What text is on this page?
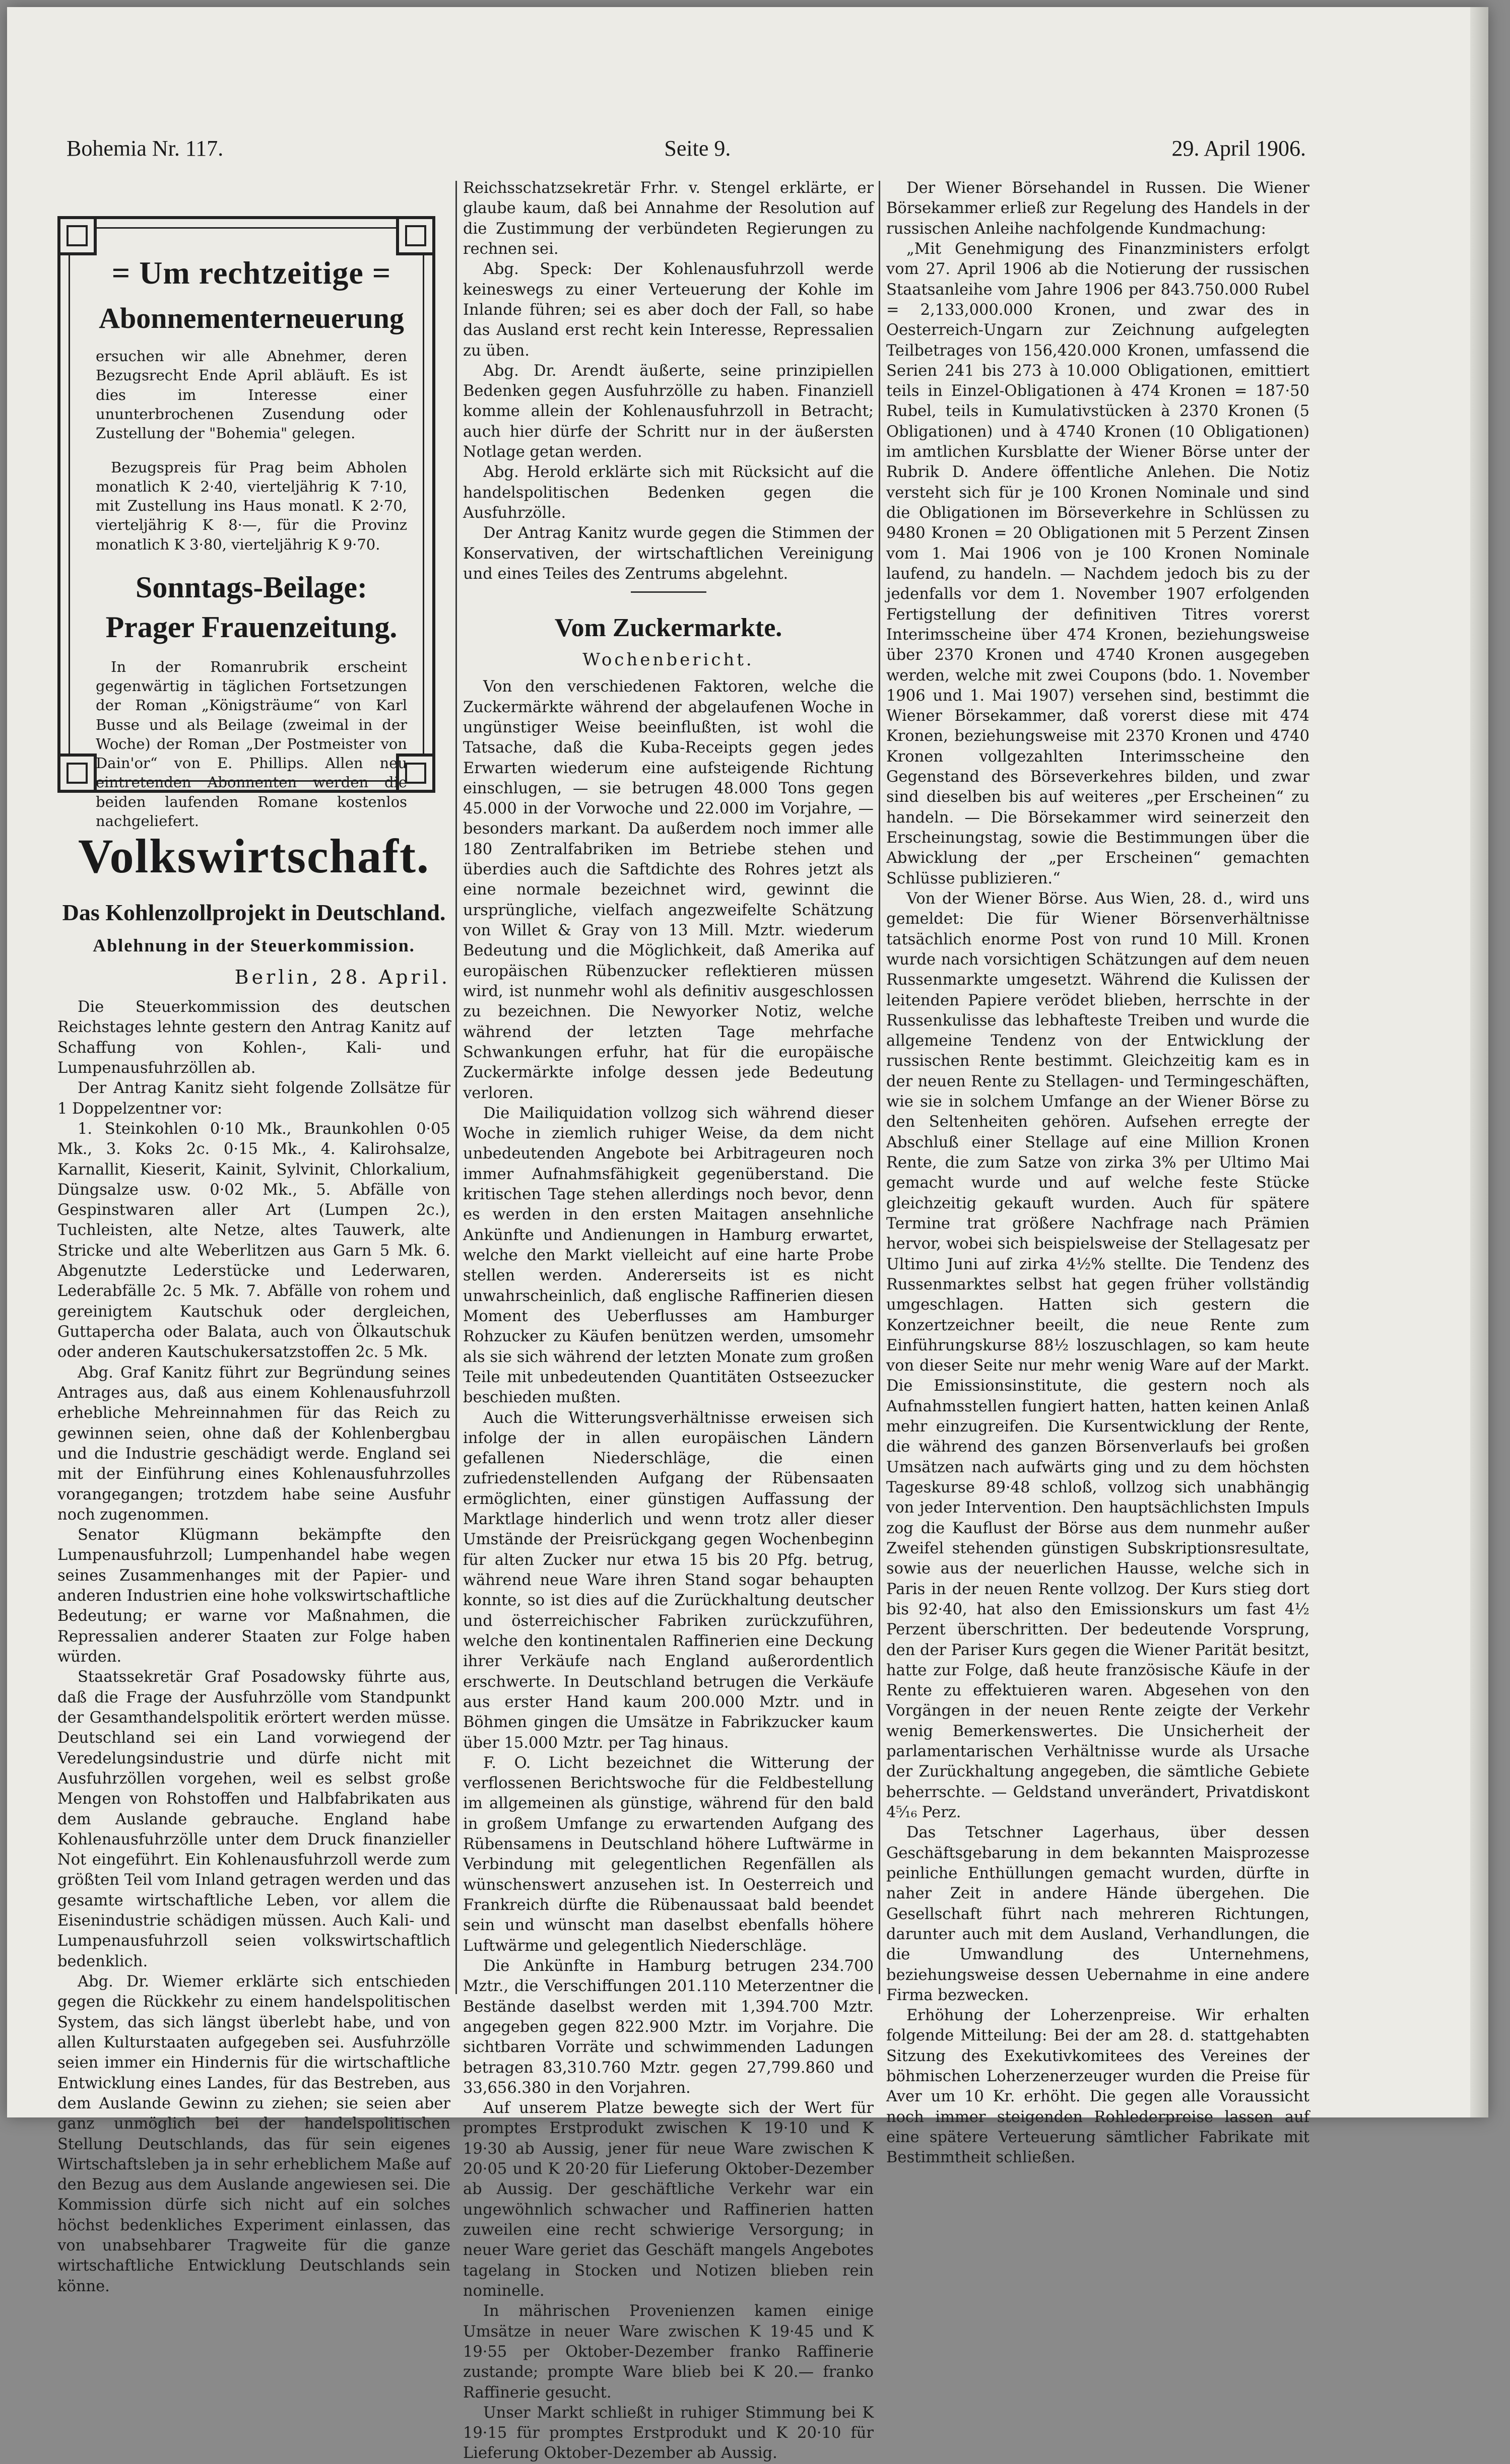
Bohemia Nr. 117.	Seite 9.	29. April 1906.
= Um rechtzeitige =
Abonnementerneuerung

ersuchen wir alle Abnehmer, deren Bezugsrecht Ende April abläuft. Es ist dies im Interesse einer ununterbrochenen Zusendung oder Zustellung der "Bohemia" gelegen.

Bezugspreis für Prag beim Abholen monatlich K 2·40, vierteljährig K 7·10, mit Zustellung ins Haus monatl. K 2·70, vierteljährig K 8·—, für die Provinz monatlich K 3·80, vierteljährig K 9·70.

Sonntags-Beilage:
Prager Frauenzeitung.

In der Romanrubrik erscheint gegenwärtig in täglichen Fortsetzungen der Roman „Königsträume“ von Karl Busse und als Beilage (zweimal in der Woche) der Roman „Der Postmeister von Dain'or“ von E. Phillips. Allen neu eintretenden Abonnenten werden die beiden laufenden Romane kostenlos nachgeliefert.

Volkswirtschaft.
Das Kohlenzollprojekt in Deutschland.
Ablehnung in der Steuerkommission.
Berlin, 28. April.

Die Steuerkommission des deutschen Reichstages lehnte gestern den Antrag Kanitz auf Schaffung von Kohlen-, Kali- und Lumpenausfuhrzöllen ab.

Der Antrag Kanitz sieht folgende Zollsätze für 1 Doppelzentner vor:

1. Steinkohlen 0·10 Mk., Braunkohlen 0·05 Mk., 3. Koks 2c. 0·15 Mk., 4. Kalirohsalze, Karnallit, Kieserit, Kainit, Sylvinit, Chlorkalium, Düngsalze usw. 0·02 Mk., 5. Abfälle von Gespinstwaren aller Art (Lumpen 2c.), Tuchleisten, alte Netze, altes Tauwerk, alte Stricke und alte Weberlitzen aus Garn 5 Mk. 6. Abgenutzte Lederstücke und Lederwaren, Lederabfälle 2c. 5 Mk. 7. Abfälle von rohem und gereinigtem Kautschuk oder dergleichen, Guttapercha oder Balata, auch von Ölkautschuk oder anderen Kautschukersatzstoffen 2c. 5 Mk.

Abg. Graf Kanitz führt zur Begründung seines Antrages aus, daß aus einem Kohlenausfuhrzoll erhebliche Mehreinnahmen für das Reich zu gewinnen seien, ohne daß der Kohlenbergbau und die Industrie geschädigt werde. England sei mit der Einführung eines Kohlenausfuhrzolles vorangegangen; trotzdem habe seine Ausfuhr noch zugenommen.

Senator Klügmann bekämpfte den Lumpenausfuhrzoll; Lumpenhandel habe wegen seines Zusammenhanges mit der Papier- und anderen Industrien eine hohe volkswirtschaftliche Bedeutung; er warne vor Maßnahmen, die Repressalien anderer Staaten zur Folge haben würden.

Staatssekretär Graf Posadowsky führte aus, daß die Frage der Ausfuhrzölle vom Standpunkt der Gesamthandelspolitik erörtert werden müsse. Deutschland sei ein Land vorwiegend der Veredelungsindustrie und dürfe nicht mit Ausfuhrzöllen vorgehen, weil es selbst große Mengen von Rohstoffen und Halbfabrikaten aus dem Auslande gebrauche. England habe Kohlenausfuhrzölle unter dem Druck finanzieller Not eingeführt. Ein Kohlenausfuhrzoll werde zum größten Teil vom Inland getragen werden und das gesamte wirtschaftliche Leben, vor allem die Eisenindustrie schädigen müssen. Auch Kali- und Lumpenausfuhrzoll seien volkswirtschaftlich bedenklich.

Abg. Dr. Wiemer erklärte sich entschieden gegen die Rückkehr zu einem handelspolitischen System, das sich längst überlebt habe, und von allen Kulturstaaten aufgegeben sei. Ausfuhrzölle seien immer ein Hindernis für die wirtschaftliche Entwicklung eines Landes, für das Bestreben, aus dem Auslande Gewinn zu ziehen; sie seien aber ganz unmöglich bei der handelspolitischen Stellung Deutschlands, das für sein eigenes Wirtschaftsleben ja in sehr erheblichem Maße auf den Bezug aus dem Auslande angewiesen sei. Die Kommission dürfe sich nicht auf ein solches höchst bedenkliches Experiment einlassen, das von unabsehbarer Tragweite für die ganze wirtschaftliche Entwicklung Deutschlands sein könne.

Reichsschatzsekretär Frhr. v. Stengel erklärte, er glaube kaum, daß bei Annahme der Resolution auf die Zustimmung der verbündeten Regierungen zu rechnen sei.

Abg. Speck: Der Kohlenausfuhrzoll werde keineswegs zu einer Verteuerung der Kohle im Inlande führen; sei es aber doch der Fall, so habe das Ausland erst recht kein Interesse, Repressalien zu üben.

Abg. Dr. Arendt äußerte, seine prinzipiellen Bedenken gegen Ausfuhrzölle zu haben. Finanziell komme allein der Kohlenausfuhrzoll in Betracht; auch hier dürfe der Schritt nur in der äußersten Notlage getan werden.

Abg. Herold erklärte sich mit Rücksicht auf die handelspolitischen Bedenken gegen die Ausfuhrzölle.

Der Antrag Kanitz wurde gegen die Stimmen der Konservativen, der wirtschaftlichen Vereinigung und eines Teiles des Zentrums abgelehnt.

Vom Zuckermarkte.
Wochenbericht.

Von den verschiedenen Faktoren, welche die Zuckermärkte während der abgelaufenen Woche in ungünstiger Weise beeinflußten, ist wohl die Tatsache, daß die Kuba-Receipts gegen jedes Erwarten wiederum eine aufsteigende Richtung einschlugen, — sie betrugen 48.000 Tons gegen 45.000 in der Vorwoche und 22.000 im Vorjahre, — besonders markant. Da außerdem noch immer alle 180 Zentralfabriken im Betriebe stehen und überdies auch die Saftdichte des Rohres jetzt als eine normale bezeichnet wird, gewinnt die ursprüngliche, vielfach angezweifelte Schätzung von Willet & Gray von 13 Mill. Mztr. wiederum Bedeutung und die Möglichkeit, daß Amerika auf europäischen Rübenzucker reflektieren müssen wird, ist nunmehr wohl als definitiv ausgeschlossen zu bezeichnen. Die Newyorker Notiz, welche während der letzten Tage mehrfache Schwankungen erfuhr, hat für die europäische Zuckermärkte infolge dessen jede Bedeutung verloren.

Die Mailiquidation vollzog sich während dieser Woche in ziemlich ruhiger Weise, da dem nicht unbedeutenden Angebote bei Arbitrageuren noch immer Aufnahmsfähigkeit gegenüberstand. Die kritischen Tage stehen allerdings noch bevor, denn es werden in den ersten Maitagen ansehnliche Ankünfte und Andienungen in Hamburg erwartet, welche den Markt vielleicht auf eine harte Probe stellen werden. Andererseits ist es nicht unwahrscheinlich, daß englische Raffinerien diesen Moment des Ueberflusses am Hamburger Rohzucker zu Käufen benützen werden, umsomehr als sie sich während der letzten Monate zum großen Teile mit unbedeutenden Quantitäten Ostseezucker beschieden mußten.

Auch die Witterungsverhältnisse erweisen sich infolge der in allen europäischen Ländern gefallenen Niederschläge, die einen zufriedenstellenden Aufgang der Rübensaaten ermöglichten, einer günstigen Auffassung der Marktlage hinderlich und wenn trotz aller dieser Umstände der Preisrückgang gegen Wochenbeginn für alten Zucker nur etwa 15 bis 20 Pfg. betrug, während neue Ware ihren Stand sogar behaupten konnte, so ist dies auf die Zurückhaltung deutscher und österreichischer Fabriken zurückzuführen, welche den kontinentalen Raffinerien eine Deckung ihrer Verkäufe nach England außerordentlich erschwerte. In Deutschland betrugen die Verkäufe aus erster Hand kaum 200.000 Mztr. und in Böhmen gingen die Umsätze in Fabrikzucker kaum über 15.000 Mztr. per Tag hinaus.

F. O. Licht bezeichnet die Witterung der verflossenen Berichtswoche für die Feldbestellung im allgemeinen als günstige, während für den bald in großem Umfange zu erwartenden Aufgang des Rübensamens in Deutschland höhere Luftwärme in Verbindung mit gelegentlichen Regenfällen als wünschenswert anzusehen ist. In Oesterreich und Frankreich dürfte die Rübenaussaat bald beendet sein und wünscht man daselbst ebenfalls höhere Luftwärme und gelegentlich Niederschläge.

Die Ankünfte in Hamburg betrugen 234.700 Mztr., die Verschiffungen 201.110 Meterzentner die Bestände daselbst werden mit 1,394.700 Mztr. angegeben gegen 822.900 Mztr. im Vorjahre. Die sichtbaren Vorräte und schwimmenden Ladungen betragen 83,310.760 Mztr. gegen 27,799.860 und 33,656.380 in den Vorjahren.

Auf unserem Platze bewegte sich der Wert für promptes Erstprodukt zwischen K 19·10 und K 19·30 ab Aussig, jener für neue Ware zwischen K 20·05 und K 20·20 für Lieferung Oktober-Dezember ab Aussig. Der geschäftliche Verkehr war ein ungewöhnlich schwacher und Raffinerien hatten zuweilen eine recht schwierige Versorgung; in neuer Ware geriet das Geschäft mangels Angebotes tagelang in Stocken und Notizen blieben rein nominelle.

In mährischen Provenienzen kamen einige Umsätze in neuer Ware zwischen K 19·45 und K 19·55 per Oktober-Dezember franko Raffinerie zustande; prompte Ware blieb bei K 20.— franko Raffinerie gesucht.

Unser Markt schließt in ruhiger Stimmung bei K 19·15 für promptes Erstprodukt und K 20·10 für Lieferung Oktober-Dezember ab Aussig.

Der Wiener Börsehandel in Russen. Die Wiener Börsekammer erließ zur Regelung des Handels in der russischen Anleihe nachfolgende Kundmachung:

„Mit Genehmigung des Finanzministers erfolgt vom 27. April 1906 ab die Notierung der russischen Staatsanleihe vom Jahre 1906 per 843.750.000 Rubel = 2,133,000.000 Kronen, und zwar des in Oesterreich-Ungarn zur Zeichnung aufgelegten Teilbetrages von 156,420.000 Kronen, umfassend die Serien 241 bis 273 à 10.000 Obligationen, emittiert teils in Einzel-Obligationen à 474 Kronen = 187·50 Rubel, teils in Kumulativstücken à 2370 Kronen (5 Obligationen) und à 4740 Kronen (10 Obligationen) im amtlichen Kursblatte der Wiener Börse unter der Rubrik D. Andere öffentliche Anlehen. Die Notiz versteht sich für je 100 Kronen Nominale und sind die Obligationen im Börseverkehre in Schlüssen zu 9480 Kronen = 20 Obligationen mit 5 Perzent Zinsen vom 1. Mai 1906 von je 100 Kronen Nominale laufend, zu handeln. — Nachdem jedoch bis zu der jedenfalls vor dem 1. November 1907 erfolgenden Fertigstellung der definitiven Titres vorerst Interimsscheine über 474 Kronen, beziehungsweise über 2370 Kronen und 4740 Kronen ausgegeben werden, welche mit zwei Coupons (bdo. 1. November 1906 und 1. Mai 1907) versehen sind, bestimmt die Wiener Börsekammer, daß vorerst diese mit 474 Kronen, beziehungsweise mit 2370 Kronen und 4740 Kronen vollgezahlten Interimsscheine den Gegenstand des Börseverkehres bilden, und zwar sind dieselben bis auf weiteres „per Erscheinen“ zu handeln. — Die Börsekammer wird seinerzeit den Erscheinungstag, sowie die Bestimmungen über die Abwicklung der „per Erscheinen“ gemachten Schlüsse publizieren.“

Von der Wiener Börse. Aus Wien, 28. d., wird uns gemeldet: Die für Wiener Börsenverhältnisse tatsächlich enorme Post von rund 10 Mill. Kronen wurde nach vorsichtigen Schätzungen auf dem neuen Russenmarkte umgesetzt. Während die Kulissen der leitenden Papiere verödet blieben, herrschte in der Russenkulisse das lebhafteste Treiben und wurde die allgemeine Tendenz von der Entwicklung der russischen Rente bestimmt. Gleichzeitig kam es in der neuen Rente zu Stellagen- und Termingeschäften, wie sie in solchem Umfange an der Wiener Börse zu den Seltenheiten gehören. Aufsehen erregte der Abschluß einer Stellage auf eine Million Kronen Rente, die zum Satze von zirka 3% per Ultimo Mai gemacht wurde und auf welche feste Stücke gleichzeitig gekauft wurden. Auch für spätere Termine trat größere Nachfrage nach Prämien hervor, wobei sich beispielsweise der Stellagesatz per Ultimo Juni auf zirka 4½% stellte. Die Tendenz des Russenmarktes selbst hat gegen früher vollständig umgeschlagen. Hatten sich gestern die Konzertzeichner beeilt, die neue Rente zum Einführungskurse 88½ loszuschlagen, so kam heute von dieser Seite nur mehr wenig Ware auf der Markt. Die Emissionsinstitute, die gestern noch als Aufnahmsstellen fungiert hatten, hatten keinen Anlaß mehr einzugreifen. Die Kursentwicklung der Rente, die während des ganzen Börsenverlaufs bei großen Umsätzen nach aufwärts ging und zu dem höchsten Tageskurse 89·48 schloß, vollzog sich unabhängig von jeder Intervention. Den hauptsächlichsten Impuls zog die Kauflust der Börse aus dem nunmehr außer Zweifel stehenden günstigen Subskriptionsresultate, sowie aus der neuerlichen Hausse, welche sich in Paris in der neuen Rente vollzog. Der Kurs stieg dort bis 92·40, hat also den Emissionskurs um fast 4½ Perzent überschritten. Der bedeutende Vorsprung, den der Pariser Kurs gegen die Wiener Parität besitzt, hatte zur Folge, daß heute französische Käufe in der Rente zu effektuieren waren. Abgesehen von den Vorgängen in der neuen Rente zeigte der Verkehr wenig Bemerkenswertes. Die Unsicherheit der parlamentarischen Verhältnisse wurde als Ursache der Zurückhaltung angegeben, die sämtliche Gebiete beherrschte. — Geldstand unverändert, Privatdiskont 4⁵⁄₁₆ Perz.

Das Tetschner Lagerhaus, über dessen Geschäftsgebarung in dem bekannten Maisprozesse peinliche Enthüllungen gemacht wurden, dürfte in naher Zeit in andere Hände übergehen. Die Gesellschaft führt nach mehreren Richtungen, darunter auch mit dem Ausland, Verhandlungen, die die Umwandlung des Unternehmens, beziehungsweise dessen Uebernahme in eine andere Firma bezwecken.

Erhöhung der Loherzenpreise. Wir erhalten folgende Mitteilung: Bei der am 28. d. stattgehabten Sitzung des Exekutivkomitees des Vereines der böhmischen Loherzenerzeuger wurden die Preise für Aver um 10 Kr. erhöht. Die gegen alle Voraussicht noch immer steigenden Rohlederpreise lassen auf eine spätere Verteuerung sämtlicher Fabrikate mit Bestimmtheit schließen.
